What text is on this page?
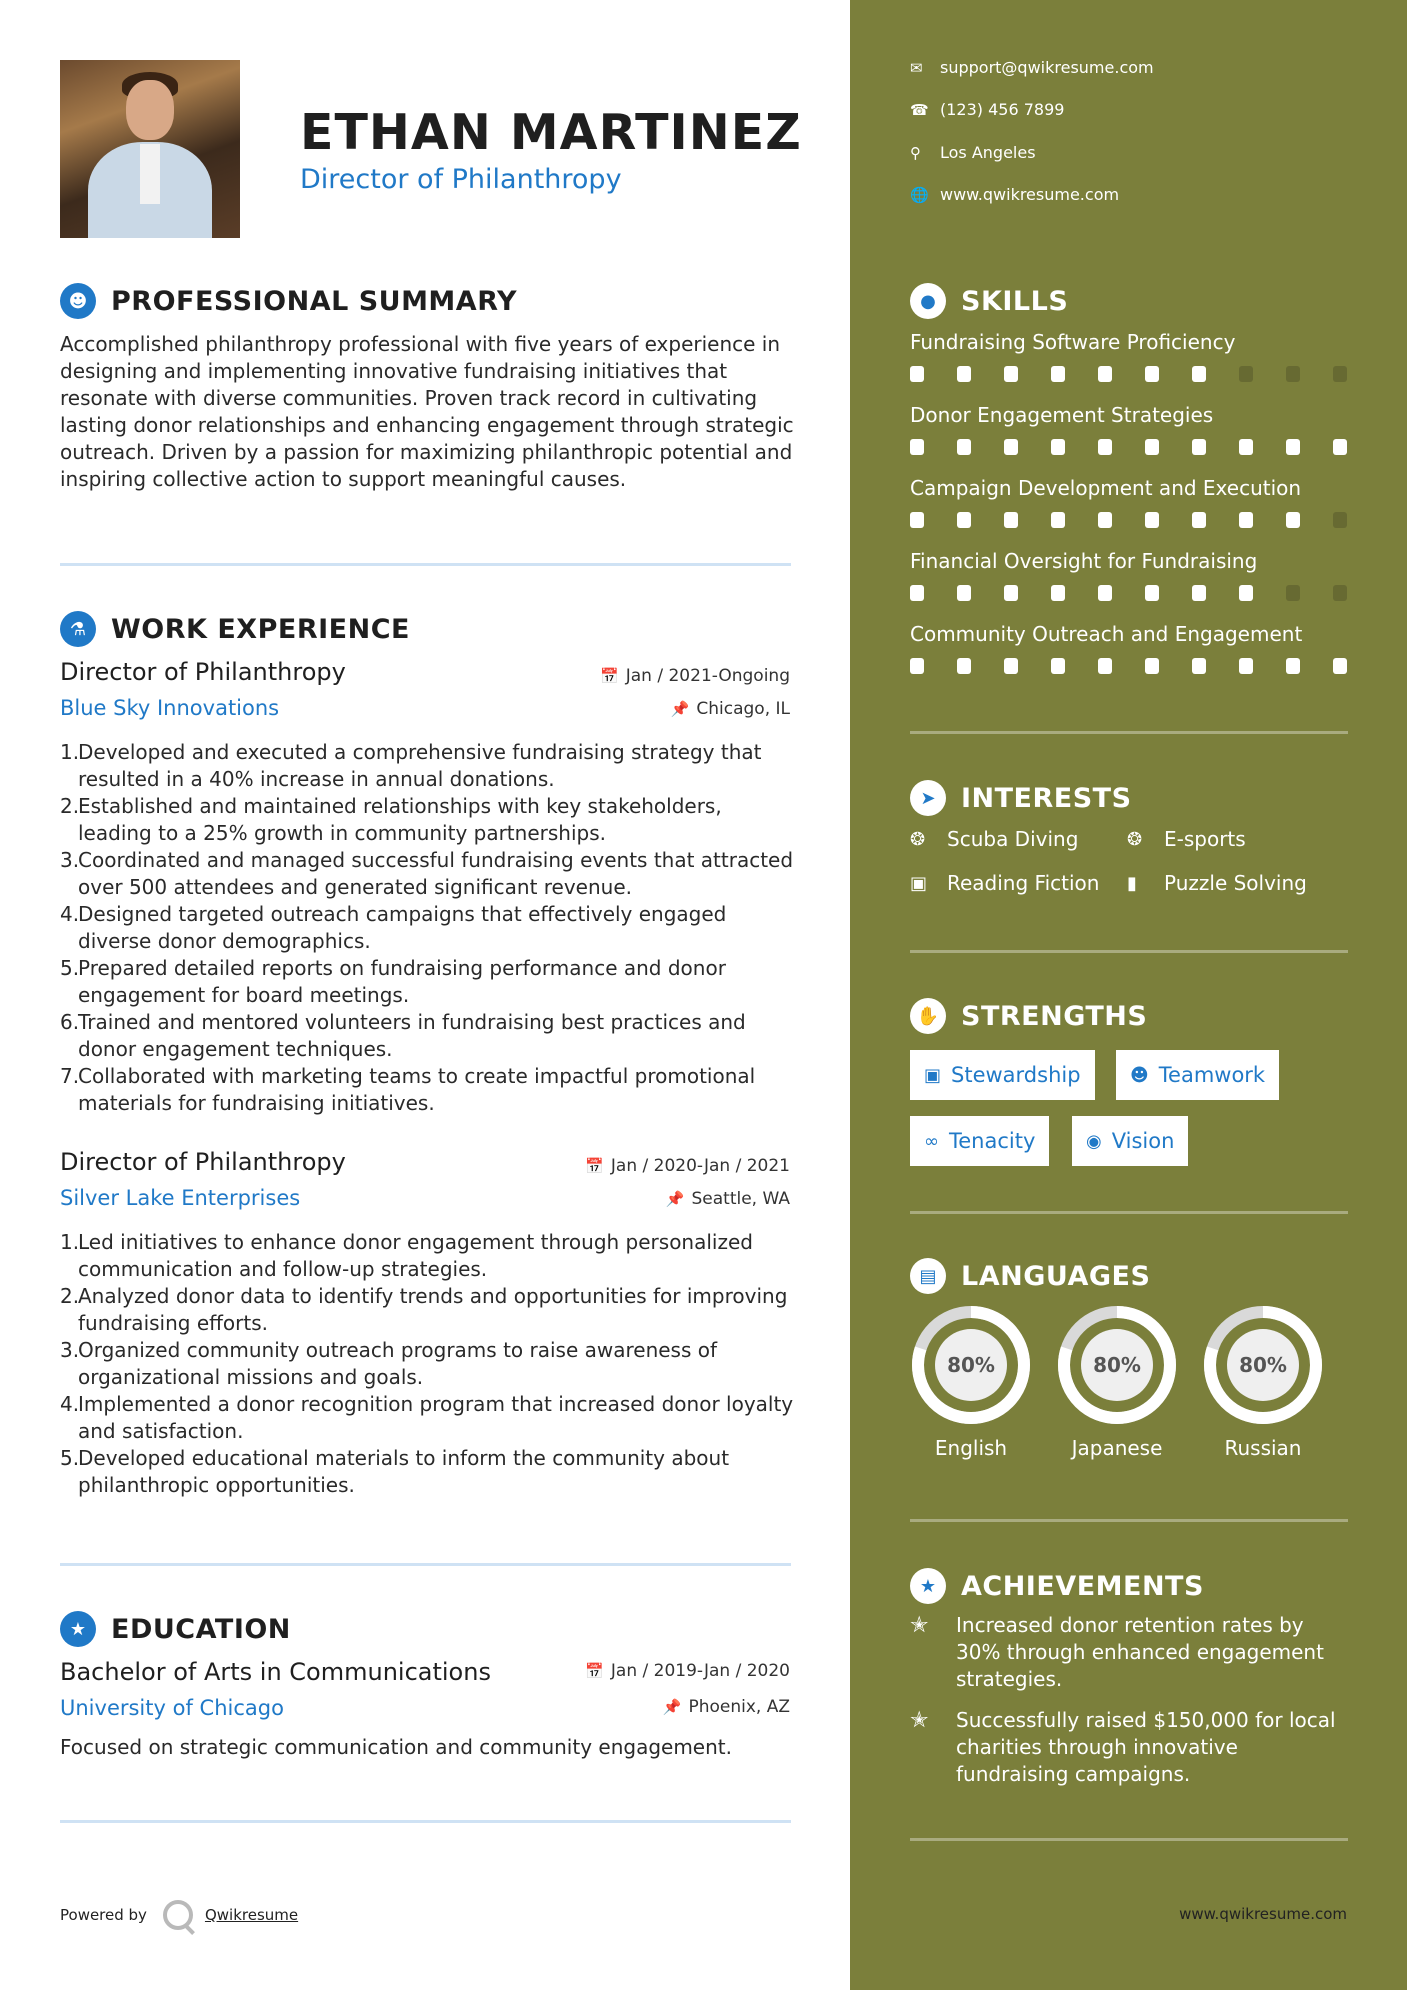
ETHAN MARTINEZ
Director of Philanthropy
☻ PROFESSIONAL SUMMARY
Accomplished philanthropy professional with five years of experience in designing and implementing innovative fundraising initiatives that resonate with diverse communities. Proven track record in cultivating lasting donor relationships and enhancing engagement through strategic outreach. Driven by a passion for maximizing philanthropic potential and inspiring collective action to support meaningful causes.
⚗ WORK EXPERIENCE
Director of Philanthropy	📅 Jan / 2021-Ongoing
Blue Sky Innovations	📌 Chicago, IL
1.
Developed and executed a comprehensive fundraising strategy that resulted in a 40% increase in annual donations.
2.
Established and maintained relationships with key stakeholders, leading to a 25% growth in community partnerships.
3.
Coordinated and managed successful fundraising events that attracted over 500 attendees and generated significant revenue.
4.
Designed targeted outreach campaigns that effectively engaged diverse donor demographics.
5.
Prepared detailed reports on fundraising performance and donor engagement for board meetings.
6.
Trained and mentored volunteers in fundraising best practices and donor engagement techniques.
7.
Collaborated with marketing teams to create impactful promotional materials for fundraising initiatives.
Director of Philanthropy	📅 Jan / 2020-Jan / 2021
Silver Lake Enterprises	📌 Seattle, WA
1.
Led initiatives to enhance donor engagement through personalized communication and follow-up strategies.
2.
Analyzed donor data to identify trends and opportunities for improving fundraising efforts.
3.
Organized community outreach programs to raise awareness of organizational missions and goals.
4.
Implemented a donor recognition program that increased donor loyalty and satisfaction.
5.
Developed educational materials to inform the community about philanthropic opportunities.
★ EDUCATION
Bachelor of Arts in Communications	📅 Jan / 2019-Jan / 2020
University of Chicago	📌 Phoenix, AZ
Focused on strategic communication and community engagement.
Powered by	Qwikresume
✉	support@qwikresume.com
☎ (123) 456 7899
⚲	Los Angeles
🌐 www.qwikresume.com
● SKILLS
Fundraising Software Proficiency
Donor Engagement Strategies
Campaign Development and Execution
Financial Oversight for Fundraising
Community Outreach and Engagement
➤ INTERESTS
❂	Scuba Diving	❂	E-sports
▣ Reading Fiction ▮	Puzzle Solving
✋ STRENGTHS
▣ Stewardship	☻ Teamwork
∞ Tenacity	◉ Vision
▤ LANGUAGES
80%
English
80%
Japanese
80%
Russian
★ ACHIEVEMENTS
✭	Increased donor retention rates by 30% through enhanced engagement strategies.
✭	Successfully raised $150,000 for local charities through innovative fundraising campaigns.
www.qwikresume.com
